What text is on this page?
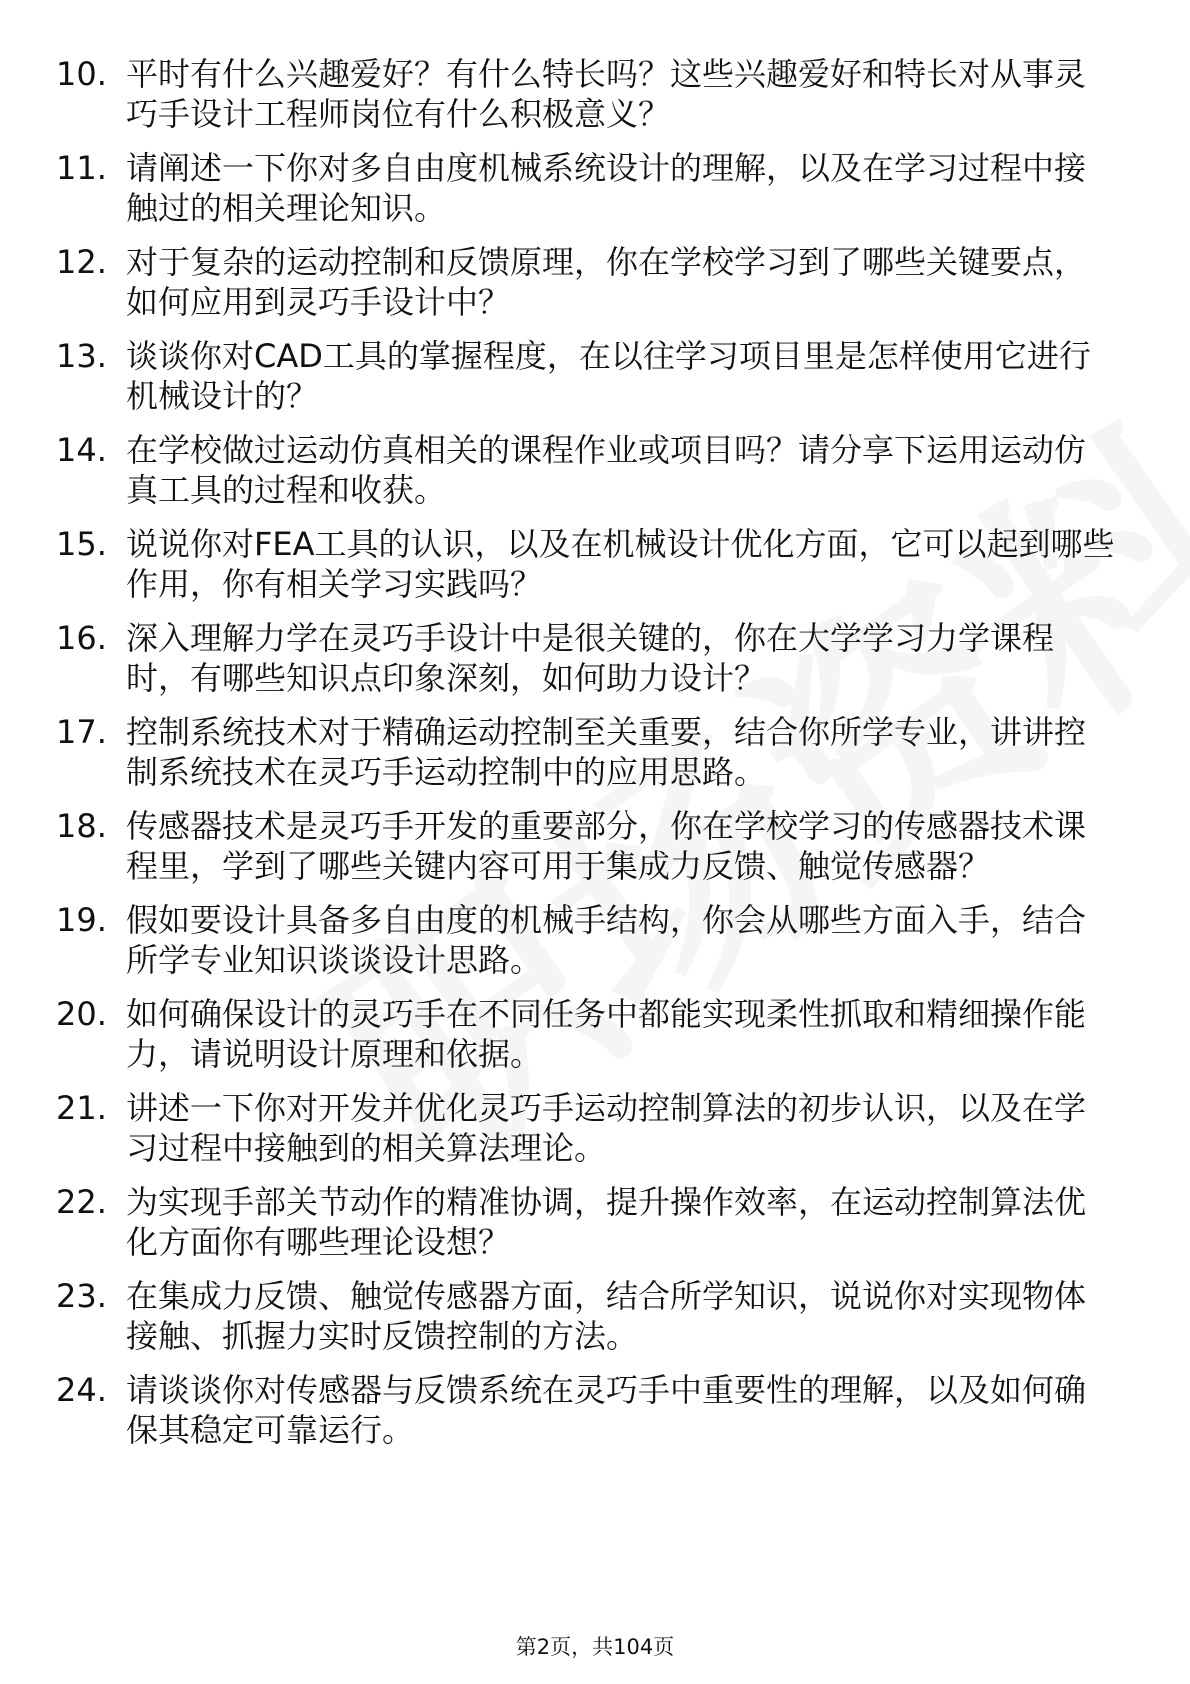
10. 平时有什么兴趣爱好？有什么特长吗？这些兴趣爱好和特长对从事灵巧手设计工程师岗位有什么积极意义？
11. 请阐述一下你对多自由度机械系统设计的理解，以及在学习过程中接触过的相关理论知识。
12. 对于复杂的运动控制和反馈原理，你在学校学习到了哪些关键要点，如何应用到灵巧手设计中？
13. 谈谈你对CAD工具的掌握程度，在以往学习项目里是怎样使用它进行机械设计的？
14. 在学校做过运动仿真相关的课程作业或项目吗？请分享下运用运动仿真工具的过程和收获。
15. 说说你对FEA工具的认识，以及在机械设计优化方面，它可以起到哪些作用，你有相关学习实践吗？
16. 深入理解力学在灵巧手设计中是很关键的，你在大学学习力学课程时，有哪些知识点印象深刻，如何助力设计？
17. 控制系统技术对于精确运动控制至关重要，结合你所学专业，讲讲控制系统技术在灵巧手运动控制中的应用思路。
18. 传感器技术是灵巧手开发的重要部分，你在学校学习的传感器技术课程里，学到了哪些关键内容可用于集成力反馈、触觉传感器？
19. 假如要设计具备多自由度的机械手结构，你会从哪些方面入手，结合所学专业知识谈谈设计思路。
20. 如何确保设计的灵巧手在不同任务中都能实现柔性抓取和精细操作能力，请说明设计原理和依据。
21. 讲述一下你对开发并优化灵巧手运动控制算法的初步认识，以及在学习过程中接触到的相关算法理论。
22. 为实现手部关节动作的精准协调，提升操作效率，在运动控制算法优化方面你有哪些理论设想？
23. 在集成力反馈、触觉传感器方面，结合所学知识，说说你对实现物体接触、抓握力实时反馈控制的方法。
24. 请谈谈你对传感器与反馈系统在灵巧手中重要性的理解，以及如何确保其稳定可靠运行。
第2页，共104页
